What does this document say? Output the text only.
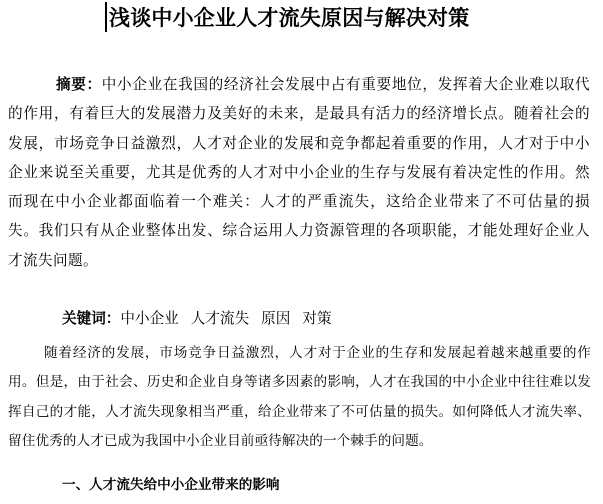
浅谈中小企业人才流失原因与解决对策
摘要：中小企业在我国的经济社会发展中占有重要地位，发挥着大企业难以取代的作用，有着巨大的发展潜力及美好的未来，是最具有活力的经济增长点。随着社会的发展，市场竞争日益激烈，人才对企业的发展和竞争都起着重要的作用，人才对于中小企业来说至关重要，尤其是优秀的人才对中小企业的生存与发展有着决定性的作用。然而现在中小企业都面临着一个难关：人才的严重流失，这给企业带来了不可估量的损失。我们只有从企业整体出发、综合运用人力资源管理的各项职能，才能处理好企业人才流失问题。
关键词：中小企业 人才流失 原因 对策
随着经济的发展，市场竞争日益激烈，人才对于企业的生存和发展起着越来越重要的作用。但是，由于社会、历史和企业自身等诸多因素的影响，人才在我国的中小企业中往往难以发挥自己的才能，人才流失现象相当严重，给企业带来了不可估量的损失。如何降低人才流失率、留住优秀的人才已成为我国中小企业目前亟待解决的一个棘手的问题。
一、人才流失给中小企业带来的影响
